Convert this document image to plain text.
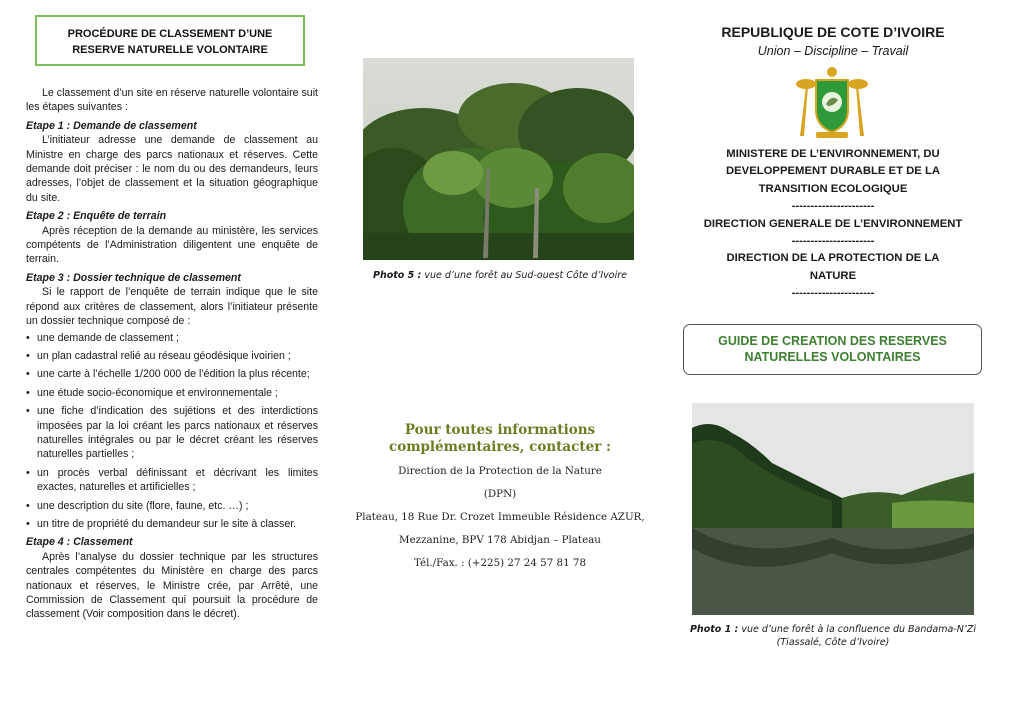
PROCÉDURE DE CLASSEMENT D’UNE
RESERVE NATURELLE VOLONTAIRE

Le classement d’un site en réserve naturelle volontaire suit les étapes suivantes :

Etape 1 : Demande de classement

L’initiateur adresse une demande de classement au Ministre en charge des parcs nationaux et réserves. Cette demande doit préciser : le nom du ou des demandeurs, leurs adresses, l’objet de classement et la situation géographique du site.

Etape 2 : Enquête de terrain

Après réception de la demande au ministère, les services compétents de l’Administration diligentent une enquête de terrain.

Etape 3 : Dossier technique de classement

Si le rapport de l’enquête de terrain indique que le site répond aux critères de classement, alors l’initiateur présente un dossier technique composé de :

• une demande de classement ;
• un plan cadastral relié au réseau géodésique ivoirien ;
• une carte à l’échelle 1/200 000 de l’édition la plus récente;
• une étude socio-économique et environnementale ;
• une fiche d’indication des sujétions et des interdictions imposées par la loi créant les parcs nationaux et réserves naturelles intégrales ou par le décret créant les réserves naturelles partielles ;
• un procès verbal définissant et décrivant les limites exactes, naturelles et artificielles ;
• une description du site (flore, faune, etc. …) ;
• un titre de propriété du demandeur sur le site à classer.

Etape 4 : Classement

Après l’analyse du dossier technique par les structures centrales compétentes du Ministère en charge des parcs nationaux et réserves, le Ministre crée, par Arrêté, une Commission de Classement qui poursuit la procédure de classement (Voir composition dans le décret).

Photo 5 : vue d’une forêt au Sud-ouest Côte d’Ivoire
Pour toutes informations
complémentaires, contacter :
Direction de la Protection de la Nature
(DPN)
Plateau, 18 Rue Dr. Crozet Immeuble Résidence AZUR,
Mezzanine, BPV 178 Abidjan – Plateau
Tél./Fax. : (+225) 27 24 57 81 78
REPUBLIQUE DE COTE D’IVOIRE
Union – Discipline – Travail
MINISTERE DE L’ENVIRONNEMENT, DU
DEVELOPPEMENT DURABLE ET DE LA
TRANSITION ECOLOGIQUE
----------------------
DIRECTION GENERALE DE L’ENVIRONNEMENT
----------------------
DIRECTION DE LA PROTECTION DE LA
NATURE
----------------------
GUIDE DE CREATION DES RESERVES
NATURELLES VOLONTAIRES
Photo 1 : vue d’une forêt à la confluence du Bandama-N’Zi
(Tiassalé, Côte d’Ivoire)
